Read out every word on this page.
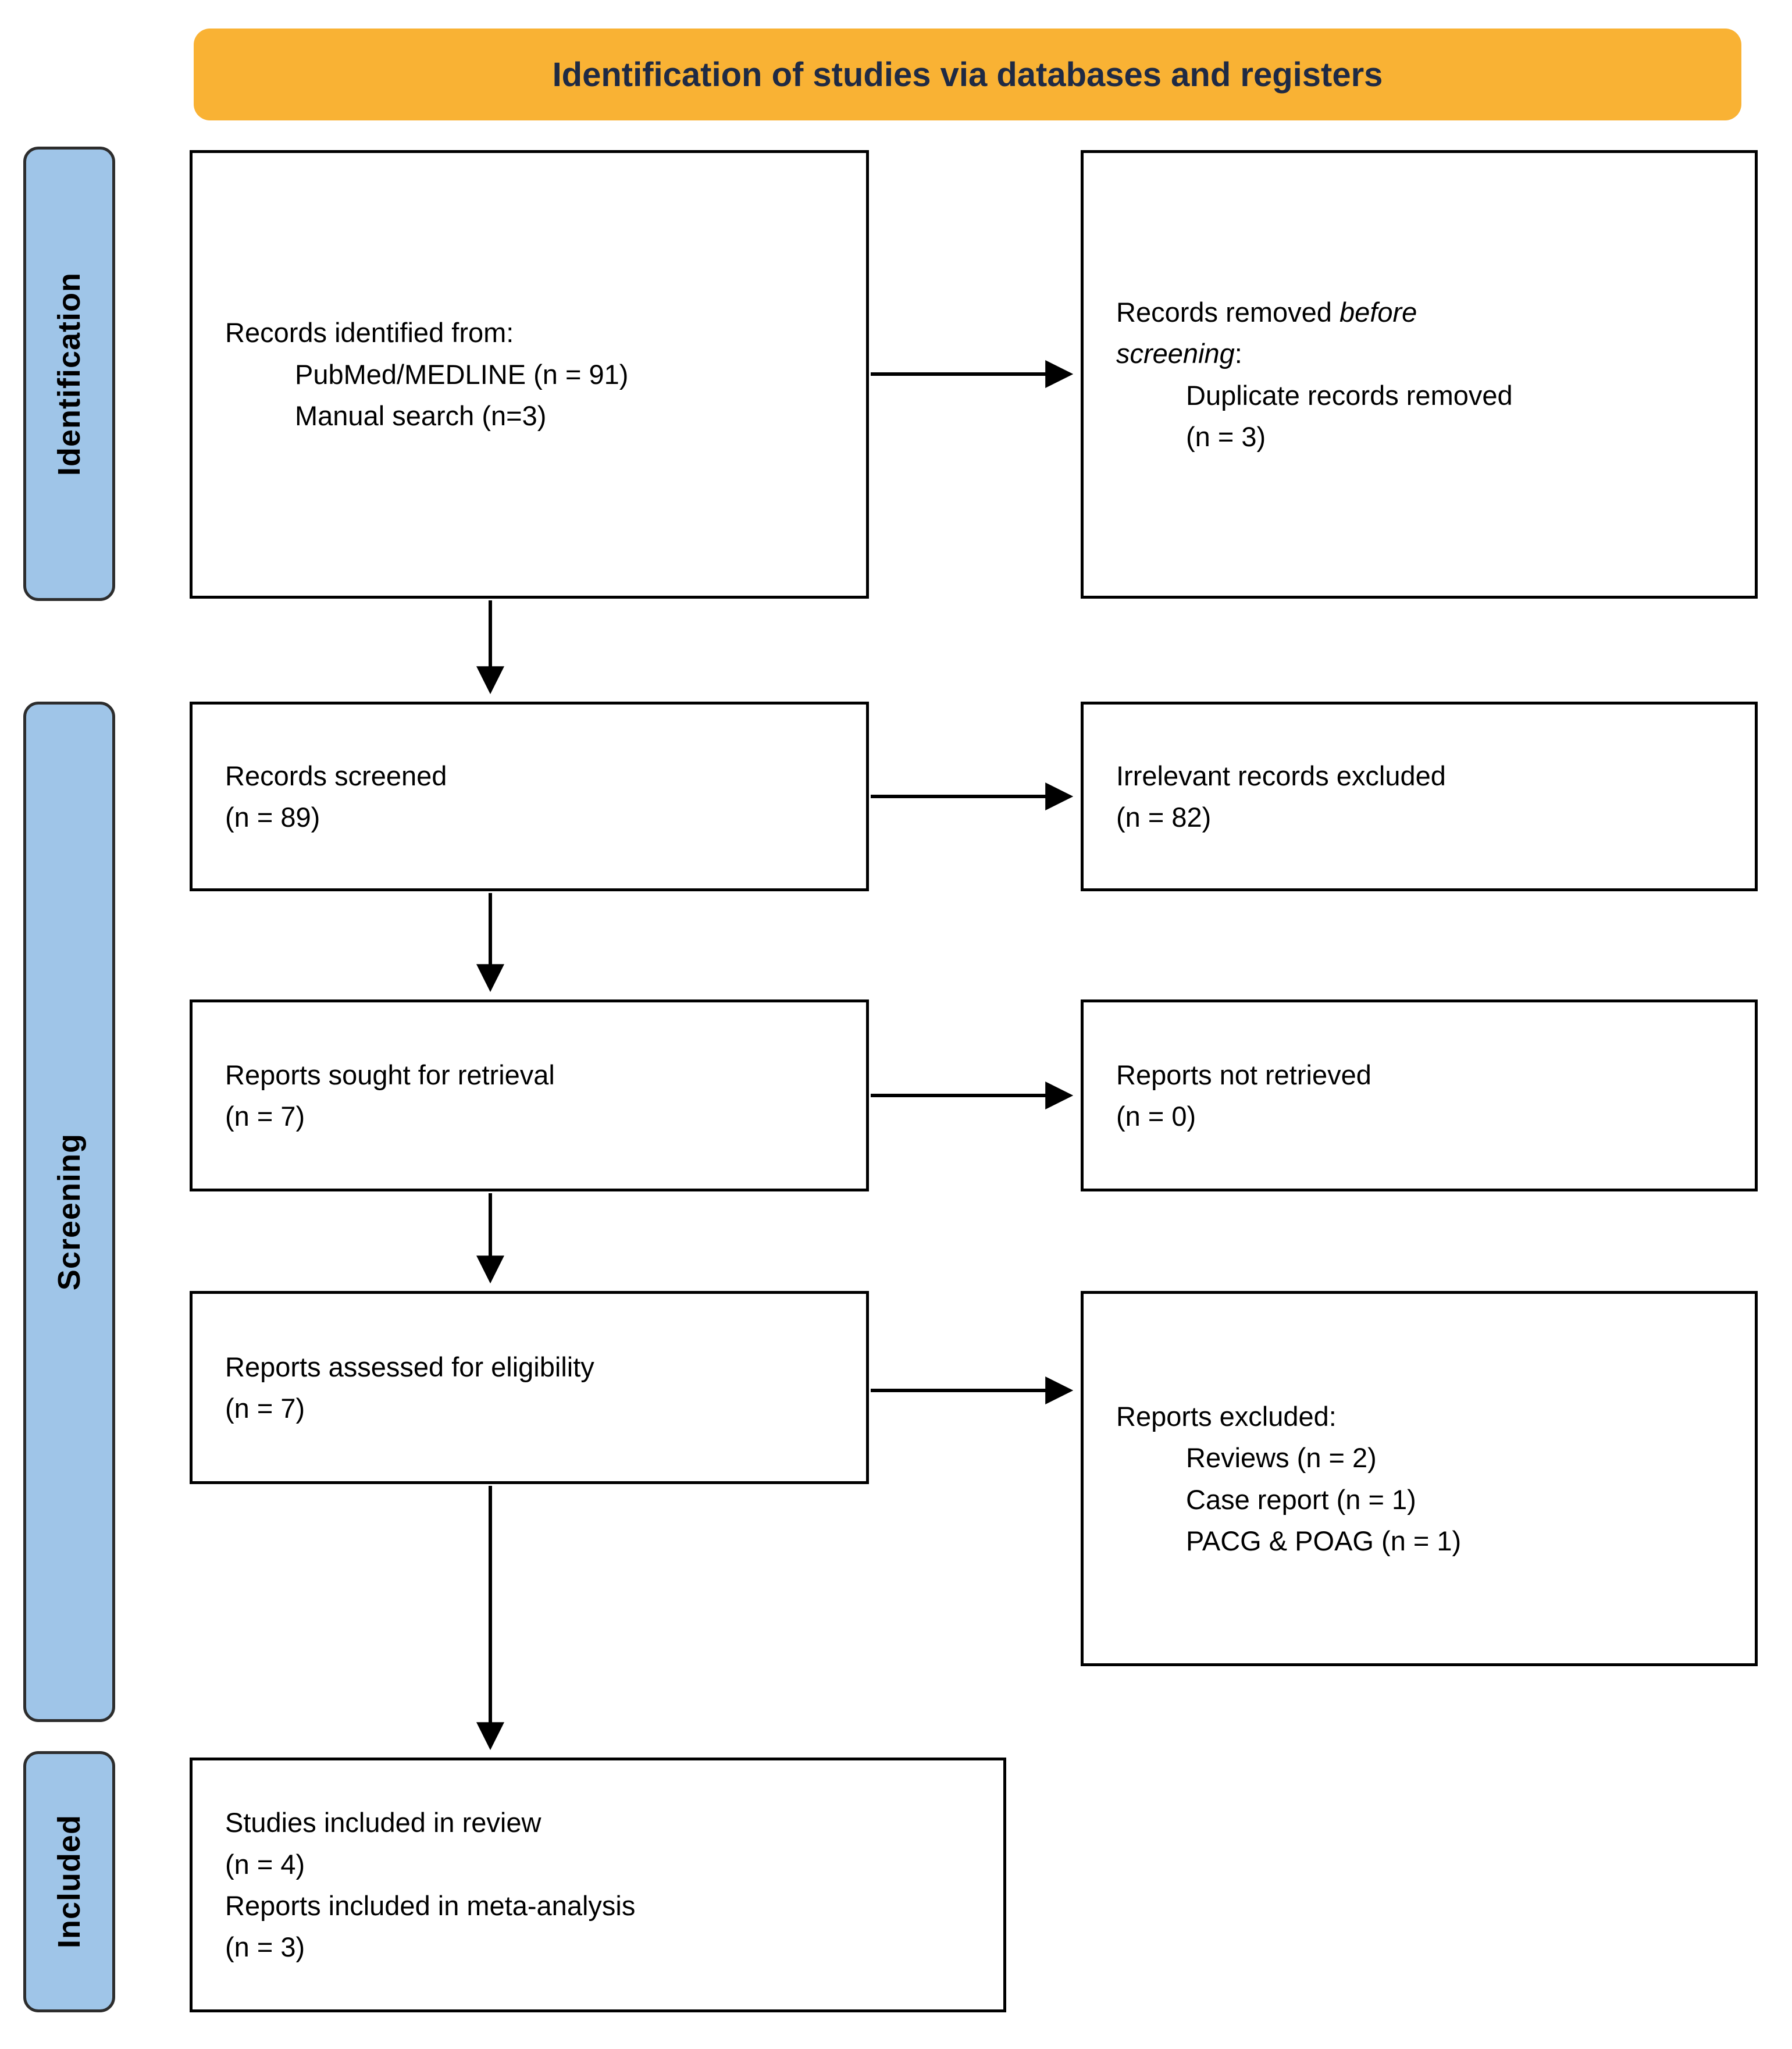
Identification of studies via databases and registers
Identification
Screening
Included
Records identified from:
PubMed/MEDLINE (n = 91)
Manual search (n=3)
Records screened
(n = 89)
Reports sought for retrieval
(n = 7)
Reports assessed for eligibility
(n = 7)
Studies included in review
(n = 4)
Reports included in meta-analysis
(n = 3)
Records removed before screening:
Duplicate records removed
(n = 3)
Irrelevant records excluded
(n = 82)
Reports not retrieved
(n = 0)
Reports excluded:
Reviews (n = 2)
Case report (n = 1)
PACG & POAG (n = 1)
